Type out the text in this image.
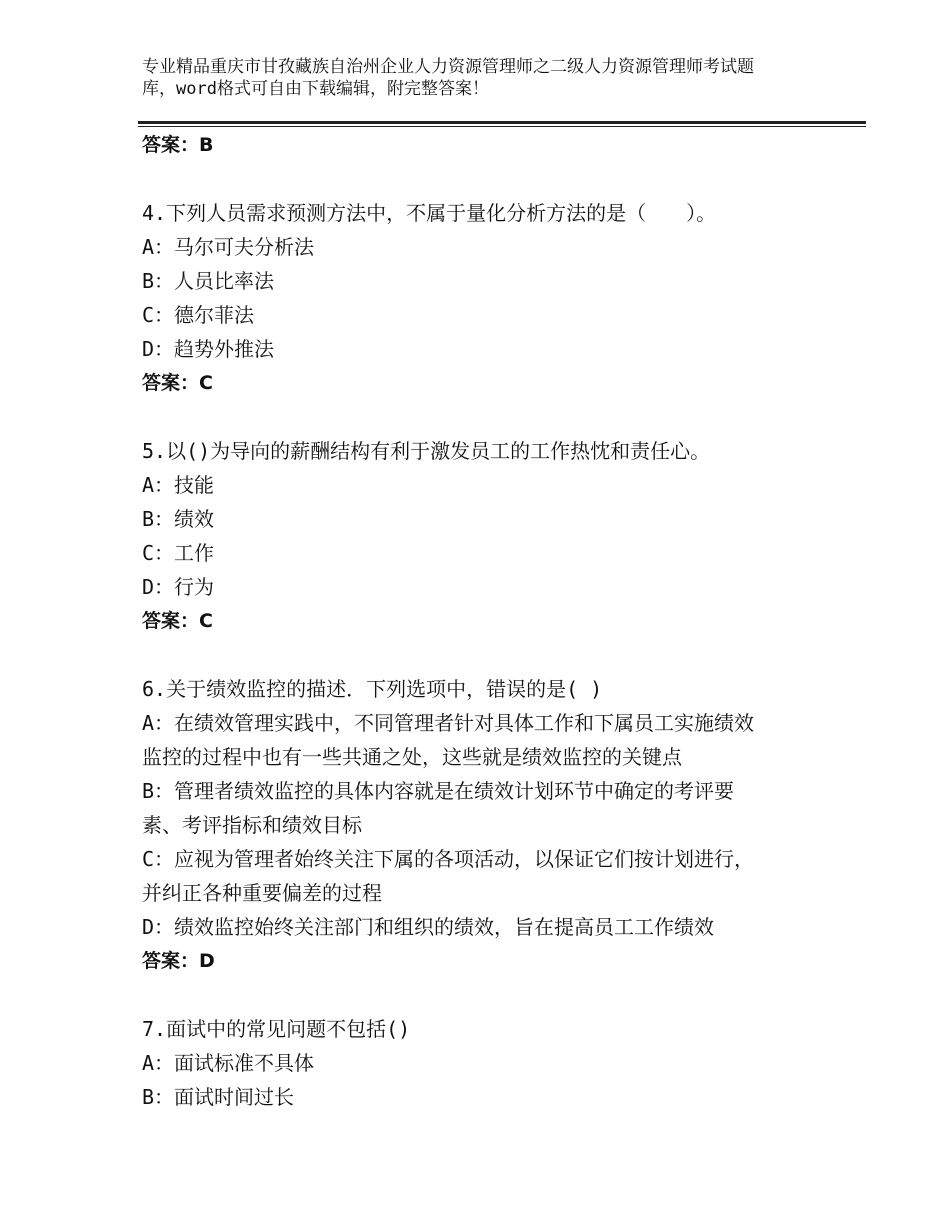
专业精品重庆市甘孜藏族自治州企业人力资源管理师之二级人力资源管理师考试题
库，word格式可自由下载编辑，附完整答案！

答案：B

4.下列人员需求预测方法中，不属于量化分析方法的是（　　）。

A：马尔可夫分析法

B：人员比率法

C：德尔菲法

D：趋势外推法

答案：C

5.以()为导向的薪酬结构有利于激发员工的工作热忱和责任心。

A：技能

B：绩效

C：工作

D：行为

答案：C

6.关于绩效监控的描述．下列选项中，错误的是( )

A：在绩效管理实践中，不同管理者针对具体工作和下属员工实施绩效

监控的过程中也有一些共通之处，这些就是绩效监控的关键点

B：管理者绩效监控的具体内容就是在绩效计划环节中确定的考评要

素、考评指标和绩效目标

C：应视为管理者始终关注下属的各项活动，以保证它们按计划进行，

并纠正各种重要偏差的过程

D：绩效监控始终关注部门和组织的绩效，旨在提高员工工作绩效

答案：D

7.面试中的常见问题不包括()

A：面试标准不具体

B：面试时间过长
